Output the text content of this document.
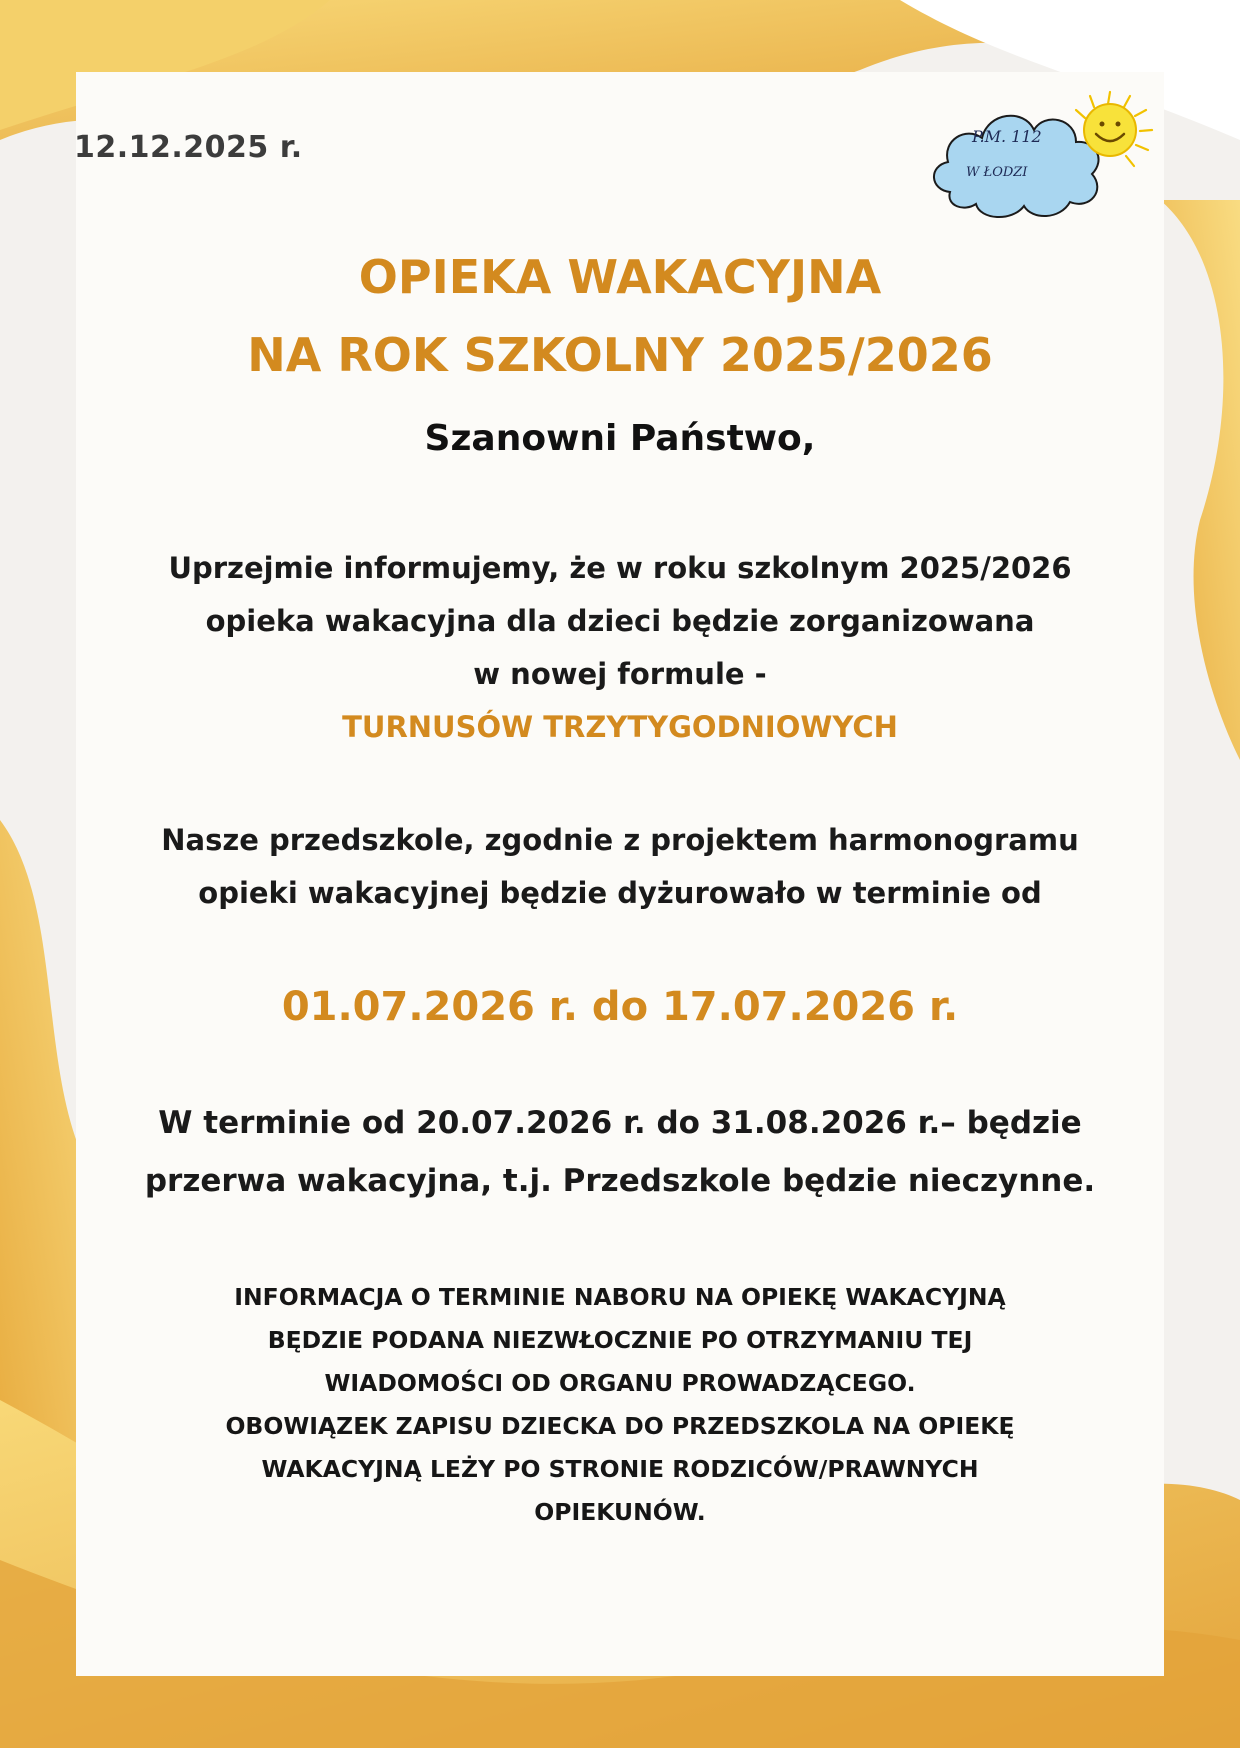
12.12.2025 r.	P.M. 112
W ŁODZI
OPIEKA WAKACYJNA
NA ROK SZKOLNY 2025/2026
Szanowni Państwo,
Uprzejmie informujemy, że w roku szkolnym 2025/2026
opieka wakacyjna dla dzieci będzie zorganizowana
w nowej formule -
TURNUSÓW TRZYTYGODNIOWYCH
Nasze przedszkole, zgodnie z projektem harmonogramu
opieki wakacyjnej będzie dyżurowało w terminie od
01.07.2026 r. do 17.07.2026 r.
W terminie od 20.07.2026 r. do 31.08.2026 r.– będzie
przerwa wakacyjna, t.j. Przedszkole będzie nieczynne.
INFORMACJA O TERMINIE NABORU NA OPIEKĘ WAKACYJNĄ
BĘDZIE PODANA NIEZWŁOCZNIE PO OTRZYMANIU TEJ
WIADOMOŚCI OD ORGANU PROWADZĄCEGO.
OBOWIĄZEK ZAPISU DZIECKA DO PRZEDSZKOLA NA OPIEKĘ
WAKACYJNĄ LEŻY PO STRONIE RODZICÓW/PRAWNYCH
OPIEKUNÓW.
